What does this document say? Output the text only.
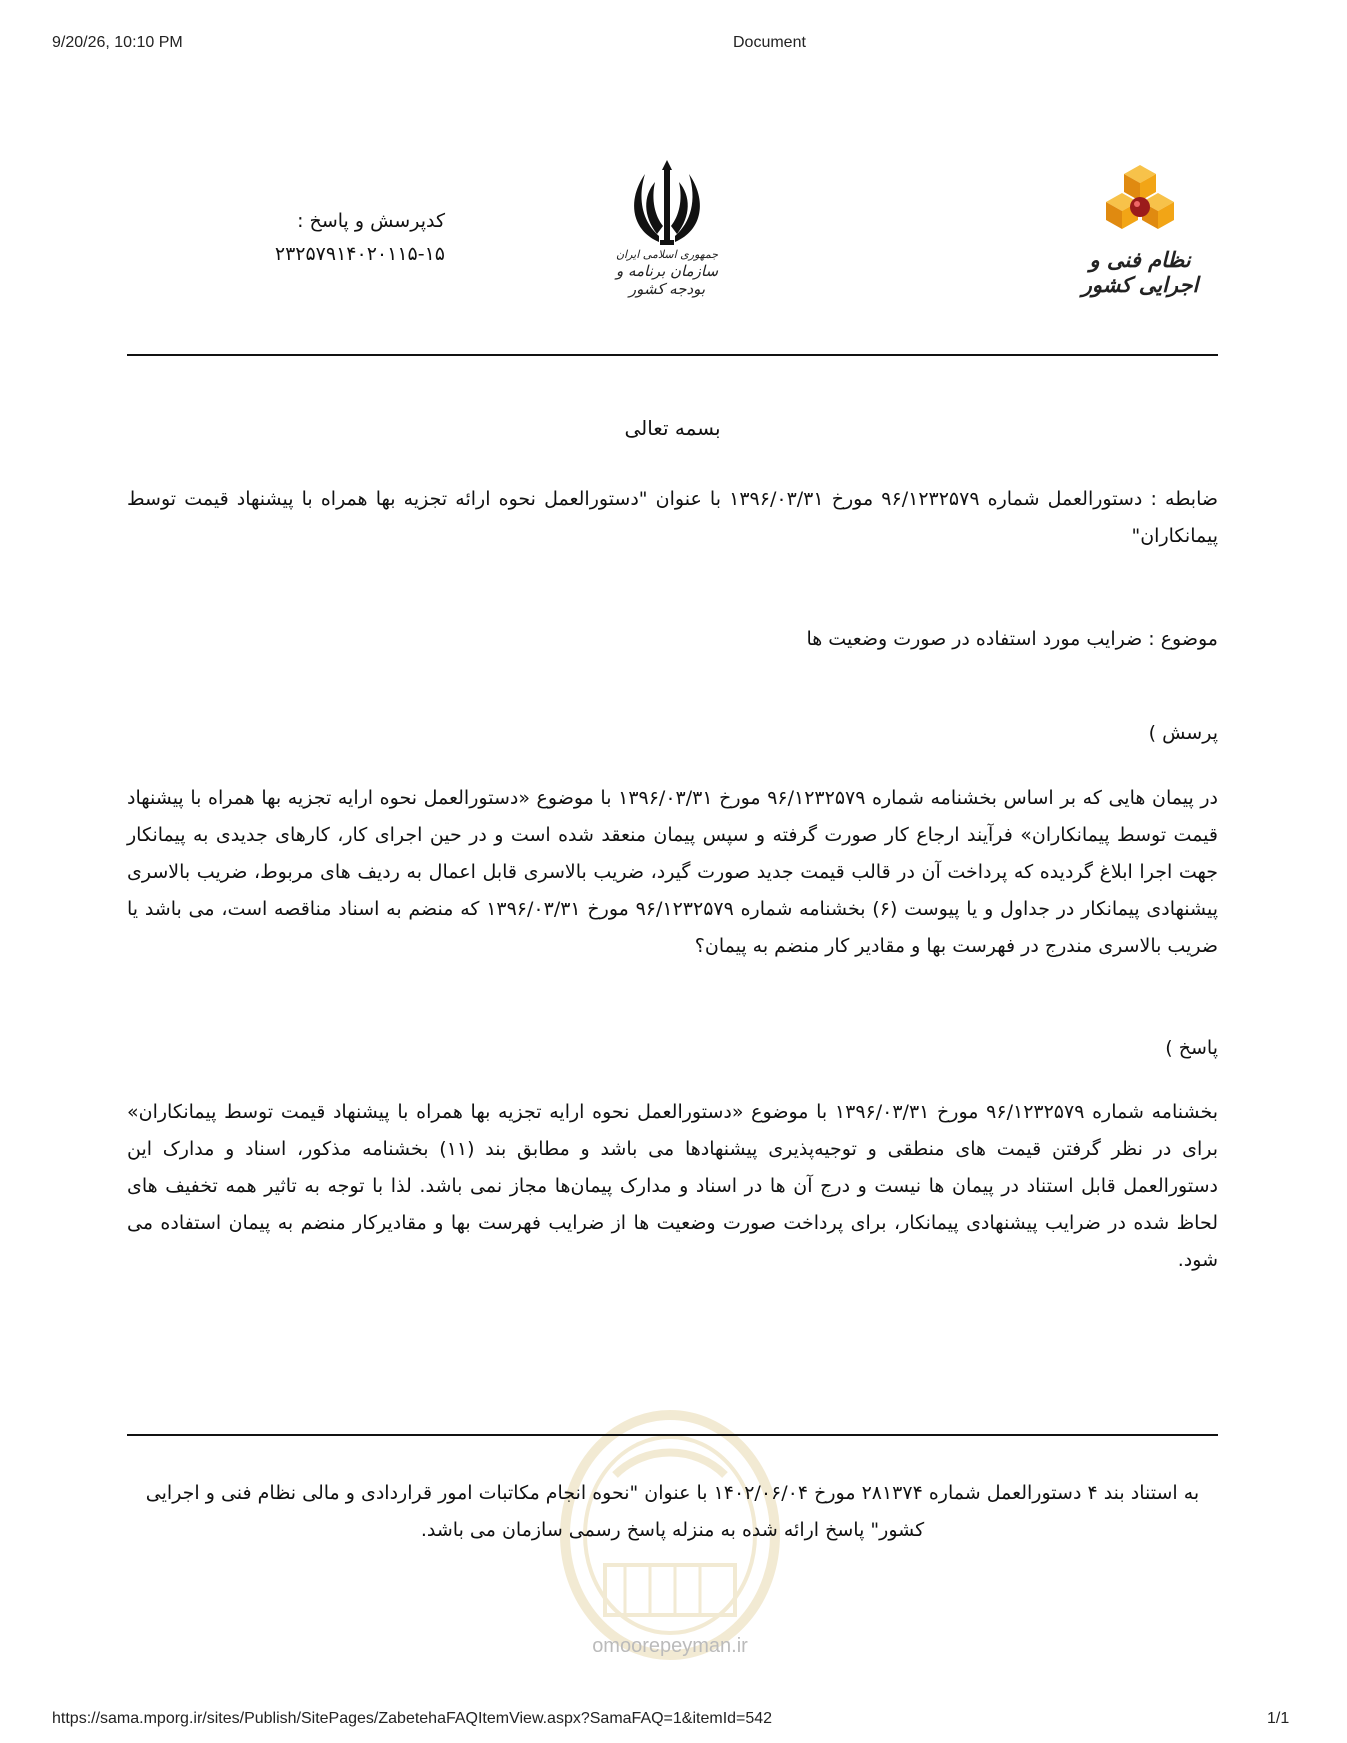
9/20/26, 10:10 PM	Document
کدپرسش و پاسخ :
۲۳۲۵۷۹۱۴۰۲۰۱۱۵-۱۵	جمهوری اسلامی ایران
سازمان برنامه و بودجه کشور
نظام فنی و اجرایی کشور
بسمه تعالی
ضابطه : دستورالعمل شماره ۹۶/۱۲۳۲۵۷۹ مورخ ۱۳۹۶/۰۳/۳۱ با عنوان "دستورالعمل نحوه ارائه تجزیه بها همراه با پیشنهاد قیمت توسط پیمانکاران"
موضوع : ضرایب مورد استفاده در صورت وضعیت ها
پرسش )
در پیمان هایی که بر اساس بخشنامه شماره ۹۶/۱۲۳۲۵۷۹ مورخ ۱۳۹۶/۰۳/۳۱ با موضوع «دستورالعمل نحوه ارایه تجزیه بها همراه با پیشنهاد قیمت توسط پیمانکاران» فرآیند ارجاع کار صورت گرفته و سپس پیمان منعقد شده است و در حین اجرای کار، کارهای جدیدی به پیمانکار جهت اجرا ابلاغ گردیده که پرداخت آن در قالب قیمت جدید صورت گیرد، ضریب بالاسری قابل اعمال به ردیف های مربوط، ضریب بالاسری پیشنهادی پیمانکار در جداول و یا پیوست (۶) بخشنامه شماره ۹۶/۱۲۳۲۵۷۹ مورخ ۱۳۹۶/۰۳/۳۱ که منضم به اسناد مناقصه است، می باشد یا ضریب بالاسری مندرج در فهرست بها و مقادیر کار منضم به پیمان؟
پاسخ )
بخشنامه شماره ۹۶/۱۲۳۲۵۷۹ مورخ ۱۳۹۶/۰۳/۳۱ با موضوع «دستورالعمل نحوه ارایه تجزیه بها همراه با پیشنهاد قیمت توسط پیمانکاران» برای در نظر گرفتن قیمت های منطقی و توجیه‌پذیری پیشنهادها می باشد و مطابق بند (۱۱) بخشنامه مذکور، اسناد و مدارک این دستورالعمل قابل استناد در پیمان ها نیست و درج آن ها در اسناد و مدارک پیمان‌ها مجاز نمی باشد. لذا با توجه به تاثیر همه تخفیف های لحاظ شده در ضرایب پیشنهادی پیمانکار، برای پرداخت صورت وضعیت ها از ضرایب فهرست بها و مقادیرکار منضم به پیمان استفاده می شود.
omoorepeyman.ir
به استناد بند ۴ دستورالعمل شماره ۲۸۱۳۷۴ مورخ ۱۴۰۲/۰۶/۰۴ با عنوان "نحوه انجام مکاتبات امور قراردادی و مالی نظام فنی و اجرایی کشور" پاسخ ارائه شده به منزله پاسخ رسمی سازمان می باشد.
https://sama.mporg.ir/sites/Publish/SitePages/ZabetehaFAQItemView.aspx?SamaFAQ=1&itemId=542	1/1
